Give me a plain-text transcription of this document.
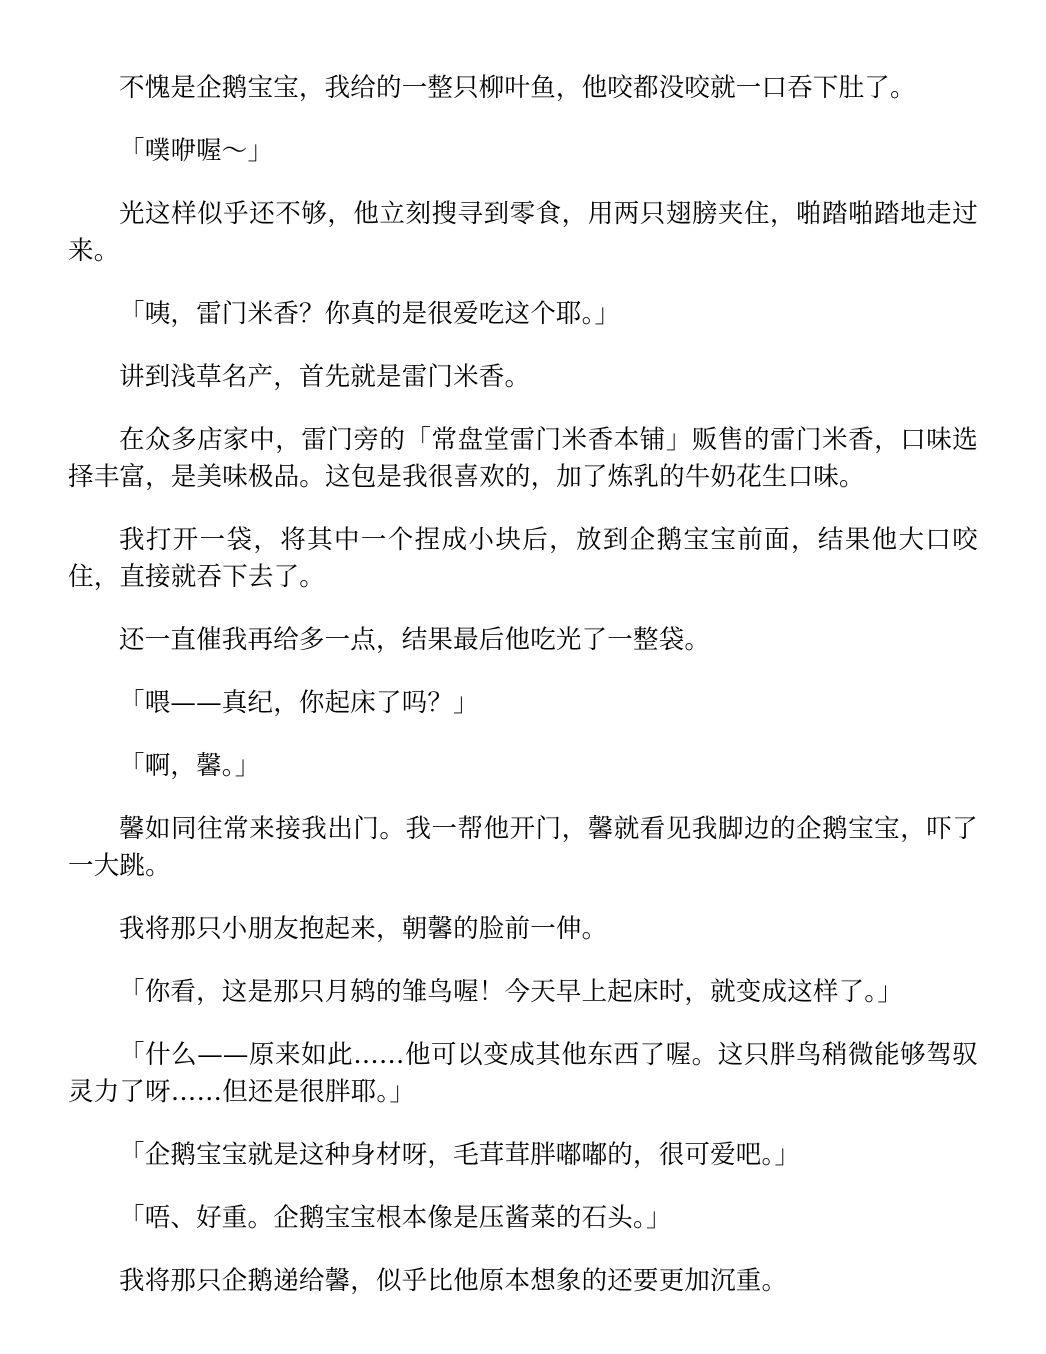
不愧是企鹅宝宝，我给的一整只柳叶鱼，他咬都没咬就一口吞下肚了。

「噗咿喔～」

光这样似乎还不够，他立刻搜寻到零食，用两只翅膀夹住，啪踏啪踏地走过来。

「咦，雷门米香？你真的是很爱吃这个耶。」

讲到浅草名产，首先就是雷门米香。

在众多店家中，雷门旁的「常盘堂雷门米香本铺」贩售的雷门米香，口味选择丰富，是美味极品。这包是我很喜欢的，加了炼乳的牛奶花生口味。

我打开一袋，将其中一个捏成小块后，放到企鹅宝宝前面，结果他大口咬住，直接就吞下去了。

还一直催我再给多一点，结果最后他吃光了一整袋。

「喂——真纪，你起床了吗？」

「啊，馨。」

馨如同往常来接我出门。我一帮他开门，馨就看见我脚边的企鹅宝宝，吓了一大跳。

我将那只小朋友抱起来，朝馨的脸前一伸。

「你看，这是那只月鸫的雏鸟喔！今天早上起床时，就变成这样了。」

「什么——原来如此……他可以变成其他东西了喔。这只胖鸟稍微能够驾驭灵力了呀……但还是很胖耶。」

「企鹅宝宝就是这种身材呀，毛茸茸胖嘟嘟的，很可爱吧。」

「唔、好重。企鹅宝宝根本像是压酱菜的石头。」

我将那只企鹅递给馨，似乎比他原本想象的还要更加沉重。
